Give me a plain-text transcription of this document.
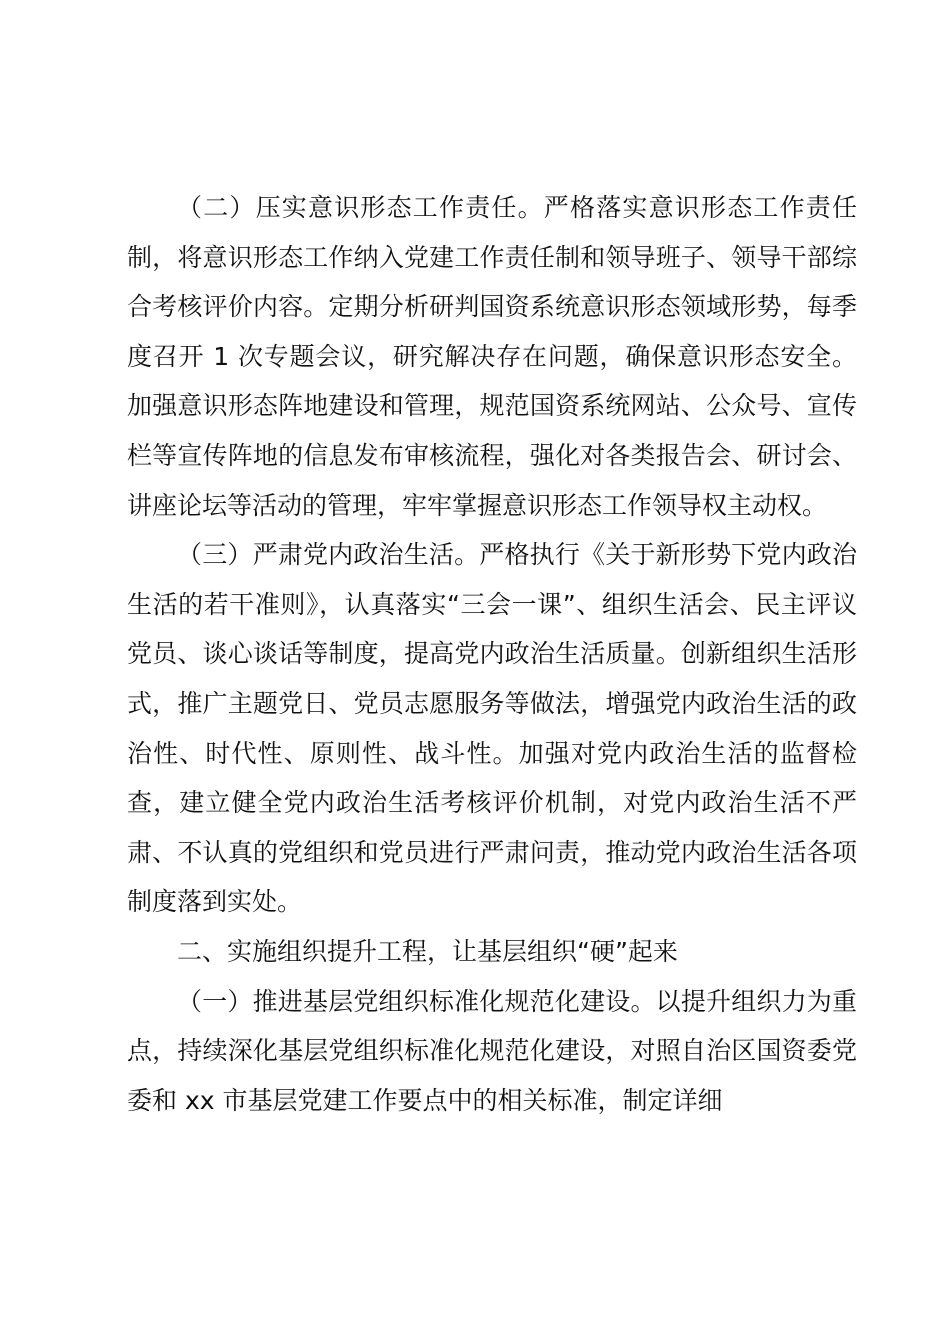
（二）压实意识形态工作责任。严格落实意识形态工作责任制，将意识形态工作纳入党建工作责任制和领导班子、领导干部综合考核评价内容。定期分析研判国资系统意识形态领域形势，每季度召开 1 次专题会议，研究解决存在问题，确保意识形态安全。加强意识形态阵地建设和管理，规范国资系统网站、公众号、宣传栏等宣传阵地的信息发布审核流程，强化对各类报告会、研讨会、讲座论坛等活动的管理，牢牢掌握意识形态工作领导权主动权。

（三）严肃党内政治生活。严格执行《关于新形势下党内政治生活的若干准则》，认真落实“三会一课”、组织生活会、民主评议党员、谈心谈话等制度，提高党内政治生活质量。创新组织生活形式，推广主题党日、党员志愿服务等做法，增强党内政治生活的政治性、时代性、原则性、战斗性。加强对党内政治生活的监督检查，建立健全党内政治生活考核评价机制，对党内政治生活不严肃、不认真的党组织和党员进行严肃问责，推动党内政治生活各项制度落到实处。

二、实施组织提升工程，让基层组织“硬”起来

（一）推进基层党组织标准化规范化建设。以提升组织力为重点，持续深化基层党组织标准化规范化建设，对照自治区国资委党委和 xx 市基层党建工作要点中的相关标准，制定详细
